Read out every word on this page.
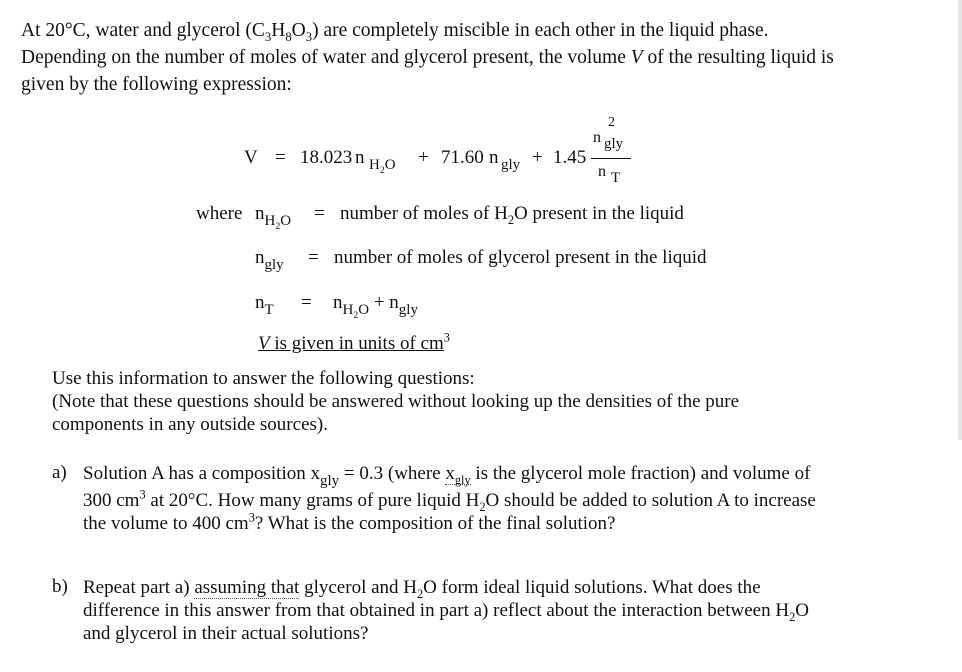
At 20°C, water and glycerol $(C_3H_8O_3)$ are completely miscible in each other in the liquid phase.

Depending on the number of moles of water and glycerol present, the volume V of the resulting liquid is

given by the following expression:

V = 18.023 n $H_2O + 71.60$ n gly + 1.45
n
2
gly
n T
where $n_{H_2O}$ = number of moles of $H_2O$ present in the liquid
$n_{gly}$ = number of moles of glycerol present in the liquid
$n_T = n_{H_2O} + n_{gly}$
V is given in units of $cm^3$
Use this information to answer the following questions:
(Note that these questions should be answered without looking up the densities of the pure
components in any outside sources).
a) Solution A has a composition $x_{gly} = 0.3$ (where $x_{gly}$ is the glycerol mole fraction) and volume of
300 $cm^3$ at 20°C. How many grams of pure liquid $H_2O$ should be added to solution A to increase
the volume to 400 $cm^3$? What is the composition of the final solution?
b) Repeat part a) assuming that glycerol and $H_2O$ form ideal liquid solutions. What does the
difference in this answer from that obtained in part a) reflect about the interaction between $H_2O$
and glycerol in their actual solutions?
